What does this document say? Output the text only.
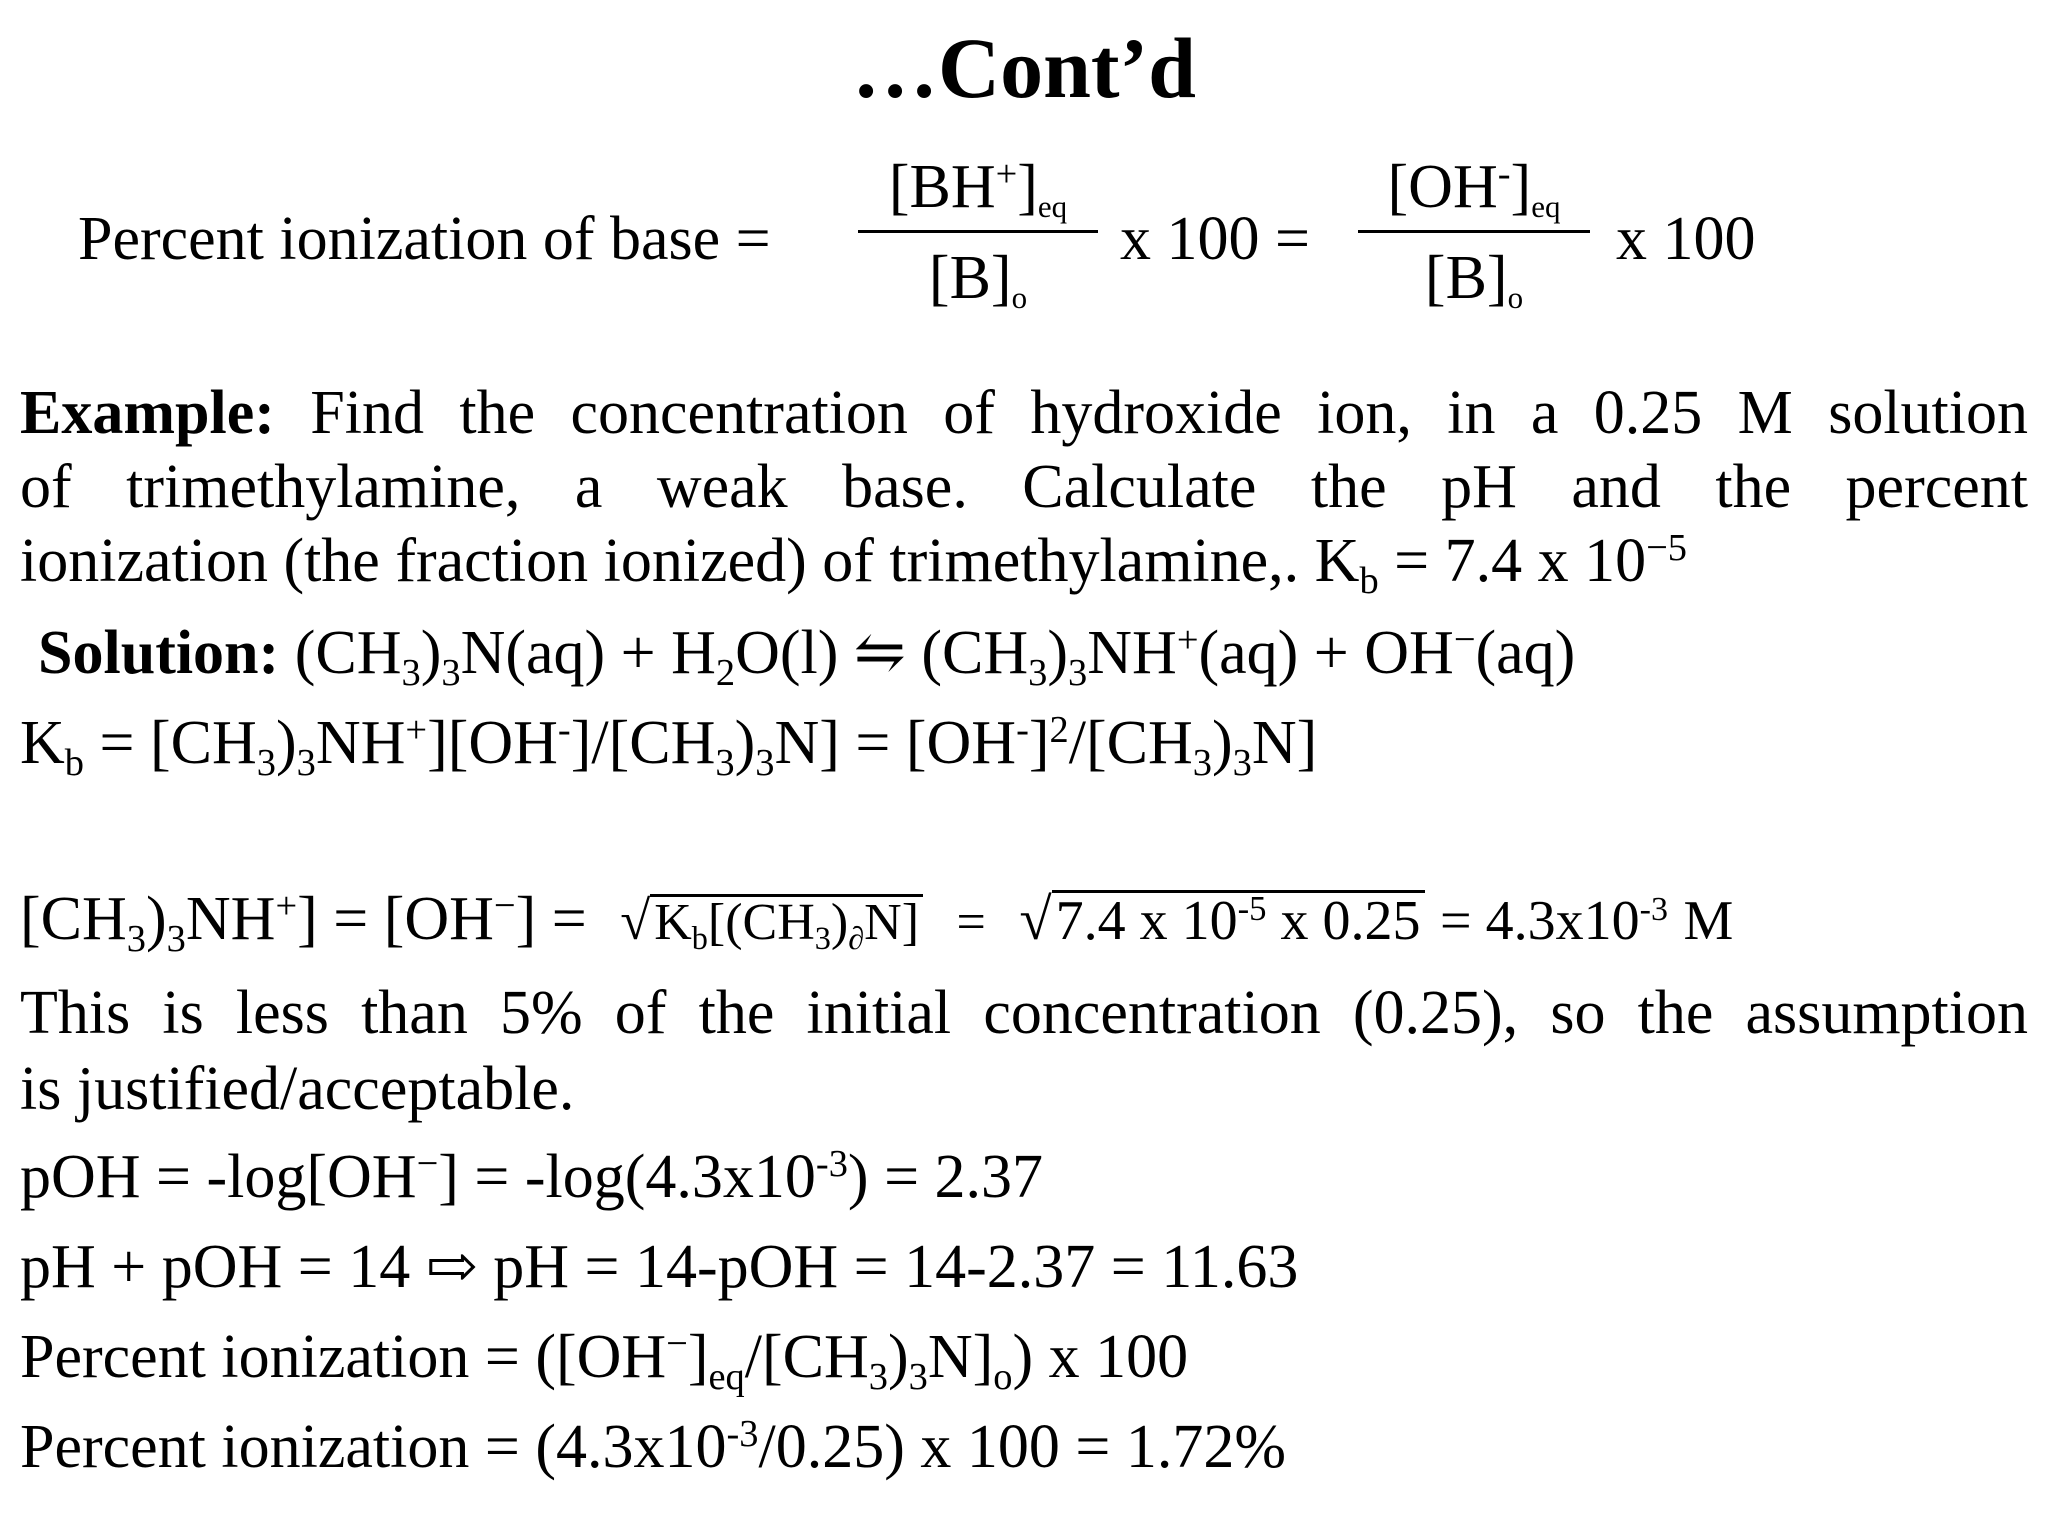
…Cont’d
Percent ionization of base =
$[BH^+]_{eq}$
$[B]_o$
x 100 =
$[OH^-]_{eq}$
$[B]_o$
x 100
Example: Find the concentration of hydroxide ion, in a 0.25 M solution
of trimethylamine, a weak base. Calculate the pH and the percent
ionization (the fraction ionized) of trimethylamine,. $K_b = 7.4$ x $10^{-5}$
Solution: $(CH_3)_3N(aq) + H_2O(l)$ ⇋ $(CH_3)_3NH^+(aq) + OH^-(aq)$
$K_b = [CH_3)_3NH^+][OH^-]/[CH_3)_3N] = [OH^-]^2/[CH_3)_3N$]
$[CH_3)_3NH^+] = [OH^-] = √K_b[(CH_3)_\partial N] = √7.4$ x $10^{-5}$ x $0.25 = 4.3x10^{-3}$ M
This is less than 5% of the initial concentration (0.25), so the assumption
is justified/acceptable.
pOH = $-\log[OH^-] = -\log(4.3x10^{-3}) = 2.37$
pH + pOH = 14 ⇨ pH = 14-pOH = 14-2.37 = 11.63
Percent ionization = $([OH^-]_{eq}/[CH_3)_3N]_o$) x 100
Percent ionization = $(4.3x10^{-3}/0.25)$ x 100 = 1.72%
